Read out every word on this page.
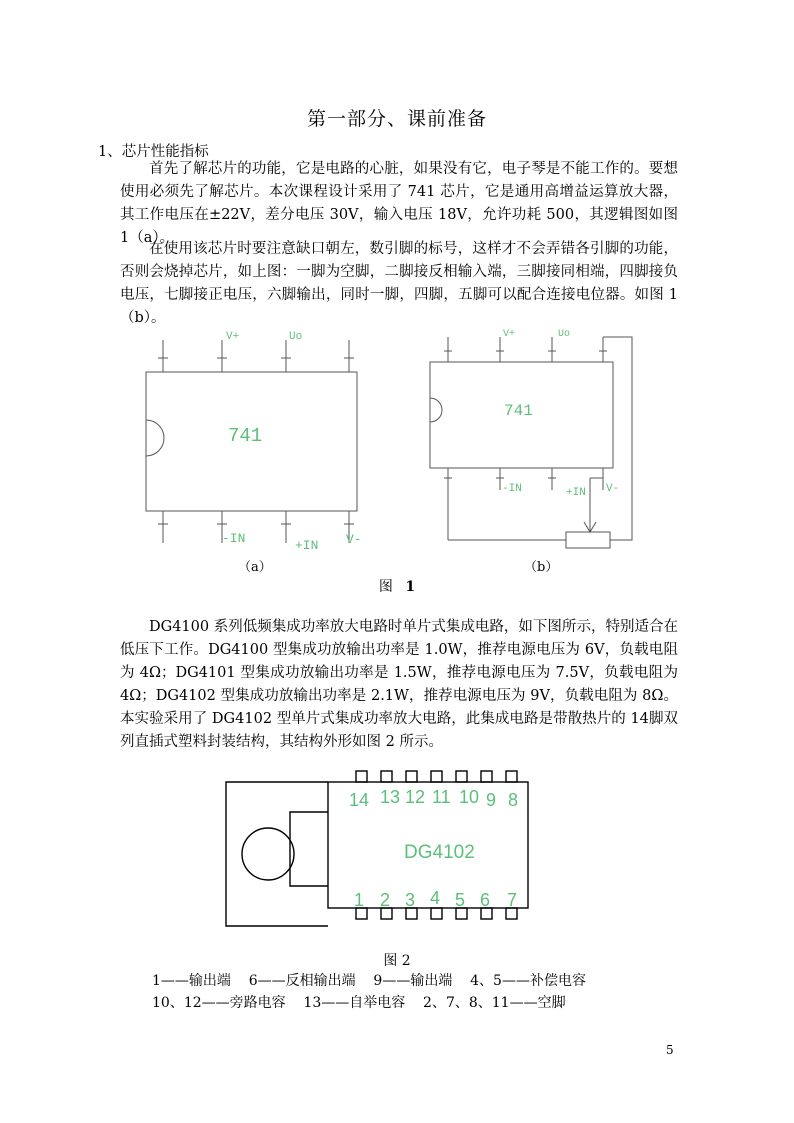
第一部分、课前准备
1、芯片性能指标

首先了解芯片的功能，它是电路的心脏，如果没有它，电子琴是不能工作的。要想使用必须先了解芯片。本次课程设计采用了 741 芯片，它是通用高增益运算放大器，其工作电压在±22V，差分电压 30V，输入电压 18V，允许功耗 500，其逻辑图如图 1（a）。

在使用该芯片时要注意缺口朝左，数引脚的标号，这样才不会弄错各引脚的功能，否则会烧掉芯片，如上图：一脚为空脚，二脚接反相输入端，三脚接同相端，四脚接负电压，七脚接正电压，六脚输出，同时一脚，四脚，五脚可以配合连接电位器。如图 1（b）。

741
V+	Uo
-IN	+IN V-
741
V+	Uo
-IN	+IN V-
（a）	（b）
图 1

DG4100 系列低频集成功率放大电路时单片式集成电路，如下图所示，特别适合在低压下工作。DG4100 型集成功放输出功率是 1.0W，推荐电源电压为 6V，负载电阻为 4Ω；DG4101 型集成功放输出功率是 1.5W，推荐电源电压为 7.5V，负载电阻为 4Ω；DG4102 型集成功放输出功率是 2.1W，推荐电源电压为 9V，负载电阻为 8Ω。本实验采用了 DG4102 型单片式集成功率放大电路，此集成电路是带散热片的 14脚双列直插式塑料封装结构，其结构外形如图 2 所示。

DG4102
14 13 12 11 10 9 8
1 2 3 4 5 6 7
图 2
1——输出端    6——反相输出端    9——输出端    4、5——补偿电容
10、12——旁路电容    13——自举电容    2、7、8、11——空脚
5
